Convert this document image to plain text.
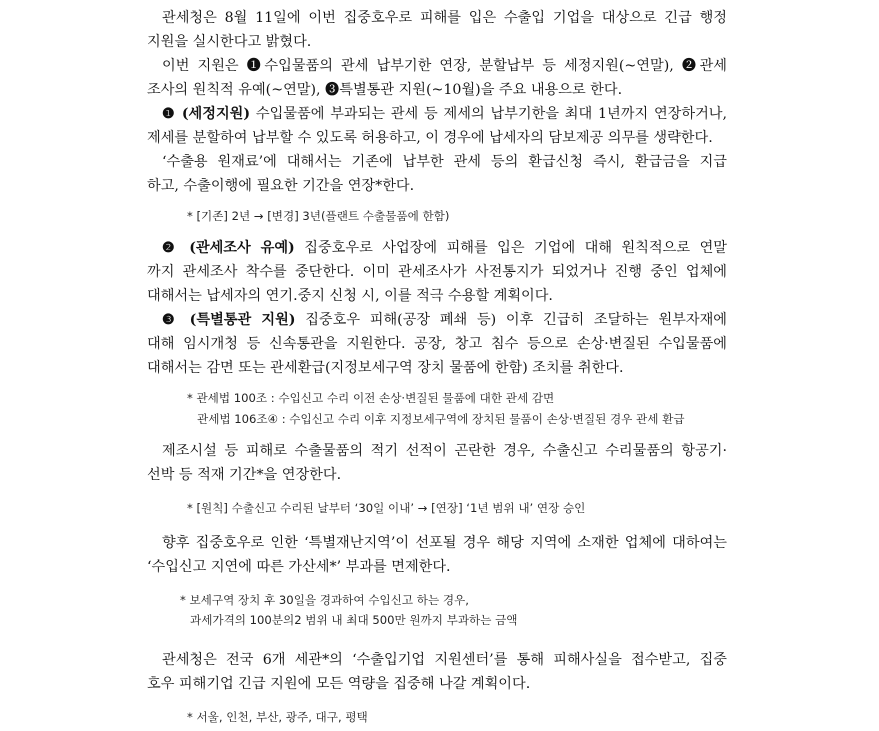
관세청은 8월 11일에 이번 집중호우로 피해를 입은 수출입 기업을 대상으로 긴급 행정
지원을 실시한다고 밝혔다.
이번 지원은 ❶수입물품의 관세 납부기한 연장, 분할납부 등 세정지원(~연말), ❷관세
조사의 원칙적 유예(~연말), ❸특별통관 지원(~10월)을 주요 내용으로 한다.
❶ (세정지원) 수입물품에 부과되는 관세 등 제세의 납부기한을 최대 1년까지 연장하거나,
제세를 분할하여 납부할 수 있도록 허용하고, 이 경우에 납세자의 담보제공 의무를 생략한다.
‘수출용 원재료’에 대해서는 기존에 납부한 관세 등의 환급신청 즉시, 환급금을 지급
하고, 수출이행에 필요한 기간을 연장*한다.
* [기존] 2년 → [변경] 3년(플랜트 수출물품에 한함)
❷ (관세조사 유예) 집중호우로 사업장에 피해를 입은 기업에 대해 원칙적으로 연말
까지 관세조사 착수를 중단한다. 이미 관세조사가 사전통지가 되었거나 진행 중인 업체에
대해서는 납세자의 연기.중지 신청 시, 이를 적극 수용할 계획이다.
❸ (특별통관 지원) 집중호우 피해(공장 폐쇄 등) 이후 긴급히 조달하는 원부자재에
대해 임시개청 등 신속통관을 지원한다. 공장, 창고 침수 등으로 손상·변질된 수입물품에
대해서는 감면 또는 관세환급(지정보세구역 장치 물품에 한함) 조치를 취한다.
* 관세법 100조 : 수입신고 수리 이전 손상·변질된 물품에 대한 관세 감면
관세법 106조④ : 수입신고 수리 이후 지정보세구역에 장치된 물품이 손상·변질된 경우 관세 환급
제조시설 등 피해로 수출물품의 적기 선적이 곤란한 경우, 수출신고 수리물품의 항공기·
선박 등 적재 기간*을 연장한다.
* [원칙] 수출신고 수리된 날부터 ‘30일 이내’ → [연장] ‘1년 범위 내’ 연장 승인
향후 집중호우로 인한 ‘특별재난지역’이 선포될 경우 해당 지역에 소재한 업체에 대하여는
‘수입신고 지연에 따른 가산세*’ 부과를 면제한다.
* 보세구역 장치 후 30일을 경과하여 수입신고 하는 경우,
과세가격의 100분의2 범위 내 최대 500만 원까지 부과하는 금액
관세청은 전국 6개 세관*의 ‘수출입기업 지원센터’를 통해 피해사실을 접수받고, 집중
호우 피해기업 긴급 지원에 모든 역량을 집중해 나갈 계획이다.
* 서울, 인천, 부산, 광주, 대구, 평택
